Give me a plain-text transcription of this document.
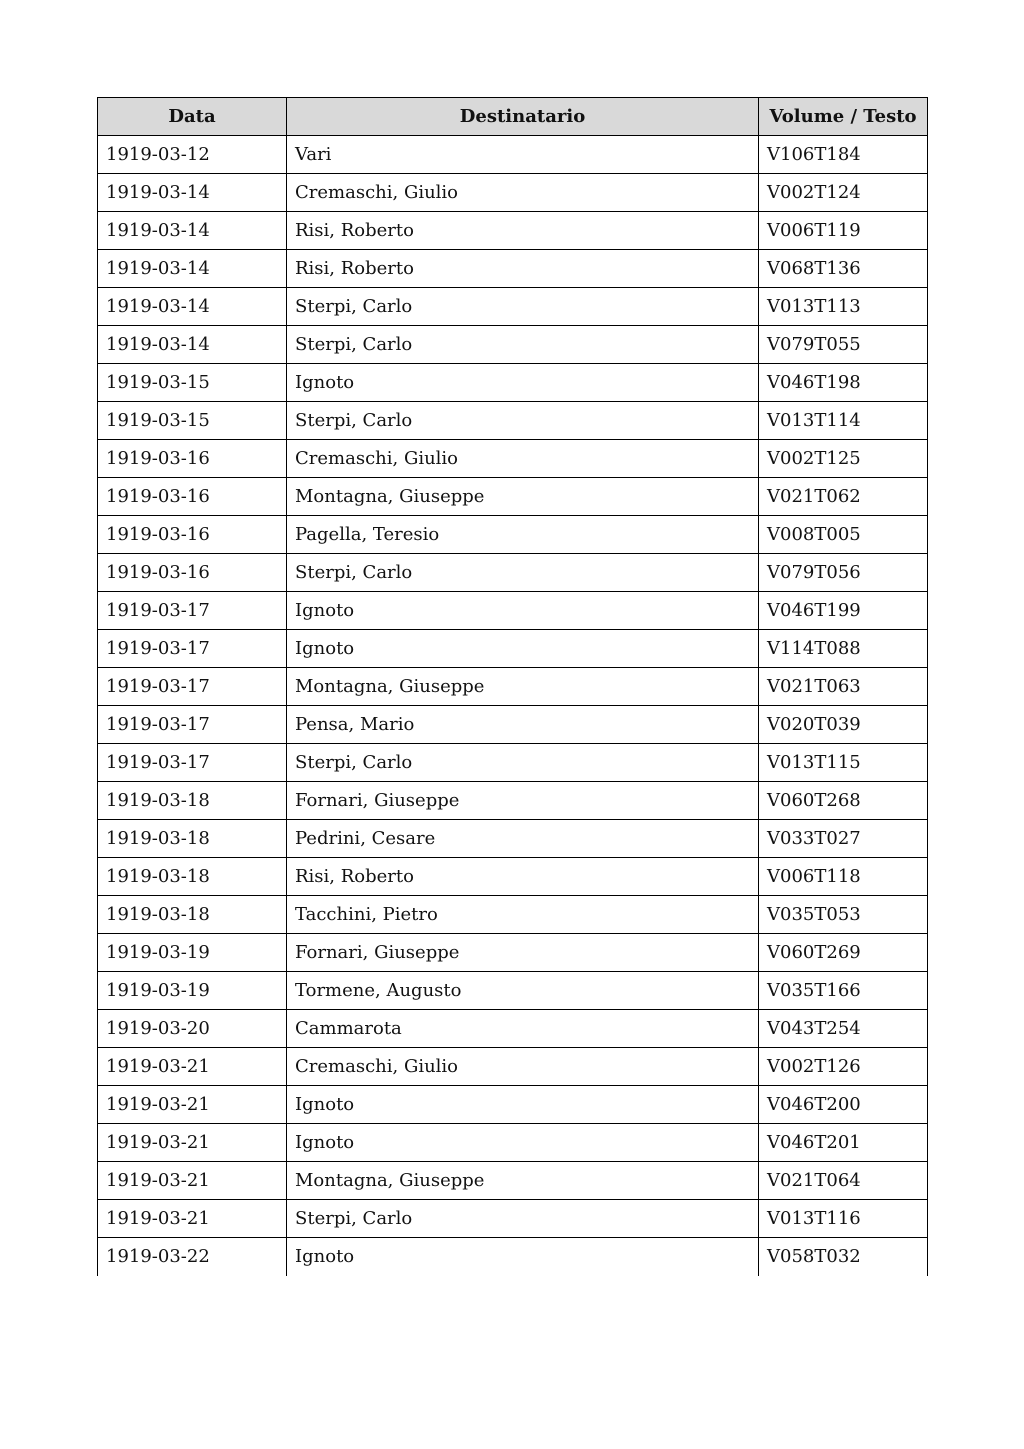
Data	Destinatario	Volume / Testo
1919-03-12	Vari	V106T184
1919-03-14	Cremaschi, Giulio	V002T124
1919-03-14	Risi, Roberto	V006T119
1919-03-14	Risi, Roberto	V068T136
1919-03-14	Sterpi, Carlo	V013T113
1919-03-14	Sterpi, Carlo	V079T055
1919-03-15	Ignoto	V046T198
1919-03-15	Sterpi, Carlo	V013T114
1919-03-16	Cremaschi, Giulio	V002T125
1919-03-16	Montagna, Giuseppe	V021T062
1919-03-16	Pagella, Teresio	V008T005
1919-03-16	Sterpi, Carlo	V079T056
1919-03-17	Ignoto	V046T199
1919-03-17	Ignoto	V114T088
1919-03-17	Montagna, Giuseppe	V021T063
1919-03-17	Pensa, Mario	V020T039
1919-03-17	Sterpi, Carlo	V013T115
1919-03-18	Fornari, Giuseppe	V060T268
1919-03-18	Pedrini, Cesare	V033T027
1919-03-18	Risi, Roberto	V006T118
1919-03-18	Tacchini, Pietro	V035T053
1919-03-19	Fornari, Giuseppe	V060T269
1919-03-19	Tormene, Augusto	V035T166
1919-03-20	Cammarota	V043T254
1919-03-21	Cremaschi, Giulio	V002T126
1919-03-21	Ignoto	V046T200
1919-03-21	Ignoto	V046T201
1919-03-21	Montagna, Giuseppe	V021T064
1919-03-21	Sterpi, Carlo	V013T116
1919-03-22	Ignoto	V058T032
